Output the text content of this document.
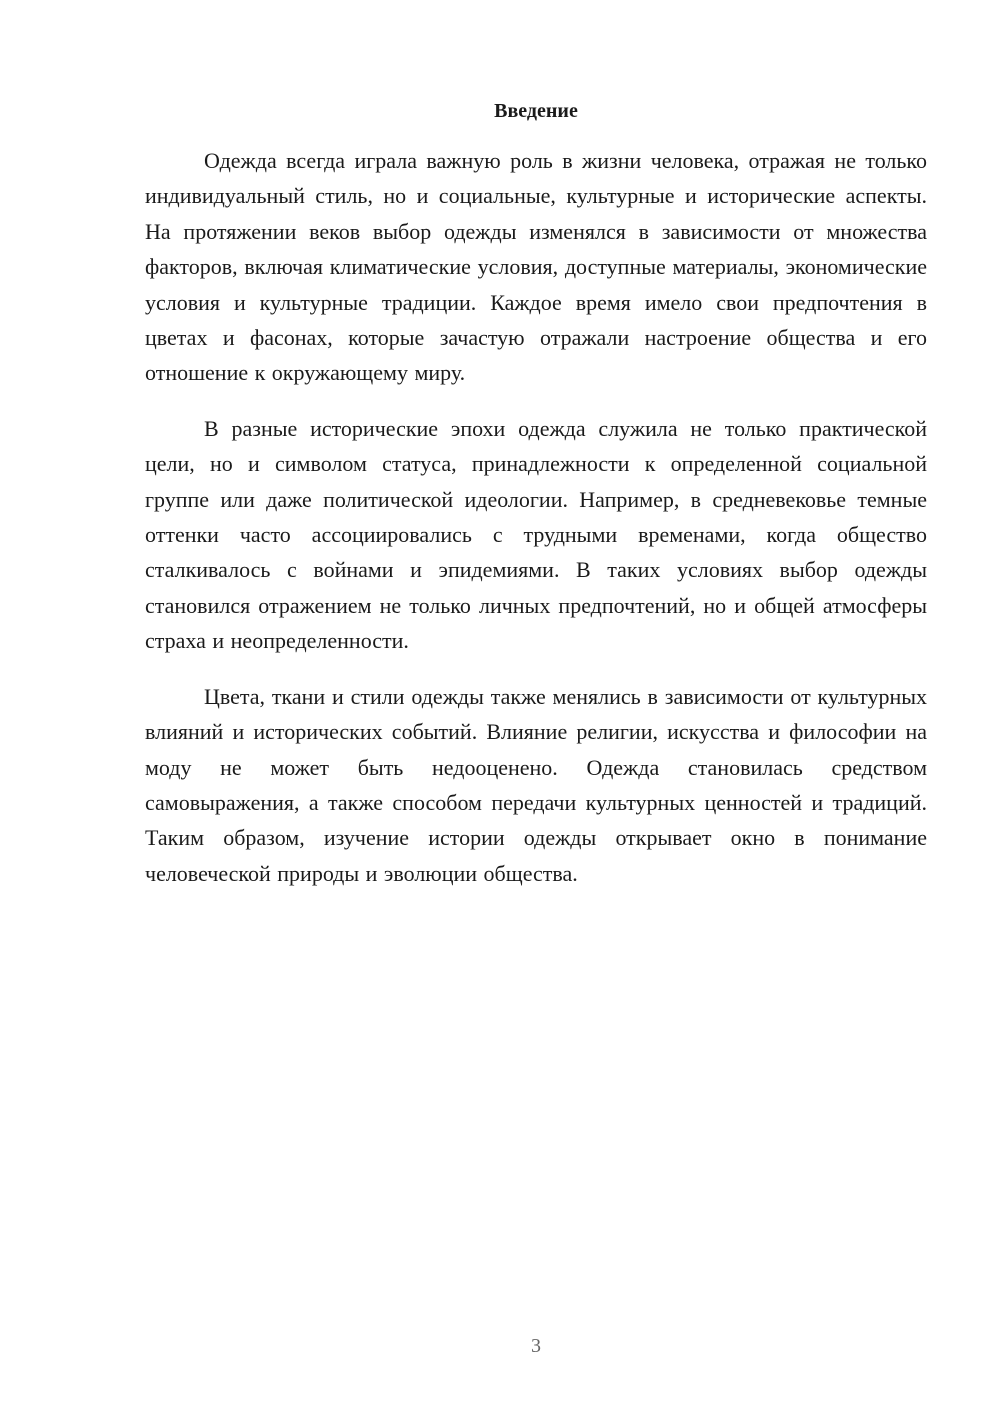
Введение

Одежда всегда играла важную роль в жизни человека, отражая не только индивидуальный стиль, но и социальные, культурные и исторические аспекты. На протяжении веков выбор одежды изменялся в зависимости от множества факторов, включая климатические условия, доступные материалы, экономические условия и культурные традиции. Каждое время имело свои предпочтения в цветах и фасонах, которые зачастую отражали настроение общества и его отношение к окружающему миру.

В разные исторические эпохи одежда служила не только практической цели, но и символом статуса, принадлежности к определенной социальной группе или даже политической идеологии. Например, в средневековье темные оттенки часто ассоциировались с трудными временами, когда общество сталкивалось с войнами и эпидемиями. В таких условиях выбор одежды становился отражением не только личных предпочтений, но и общей атмосферы страха и неопределенности.

Цвета, ткани и стили одежды также менялись в зависимости от культурных влияний и исторических событий. Влияние религии, искусства и философии на моду не может быть недооценено. Одежда становилась средством самовыражения, а также способом передачи культурных ценностей и традиций. Таким образом, изучение истории одежды открывает окно в понимание человеческой природы и эволюции общества.

3
